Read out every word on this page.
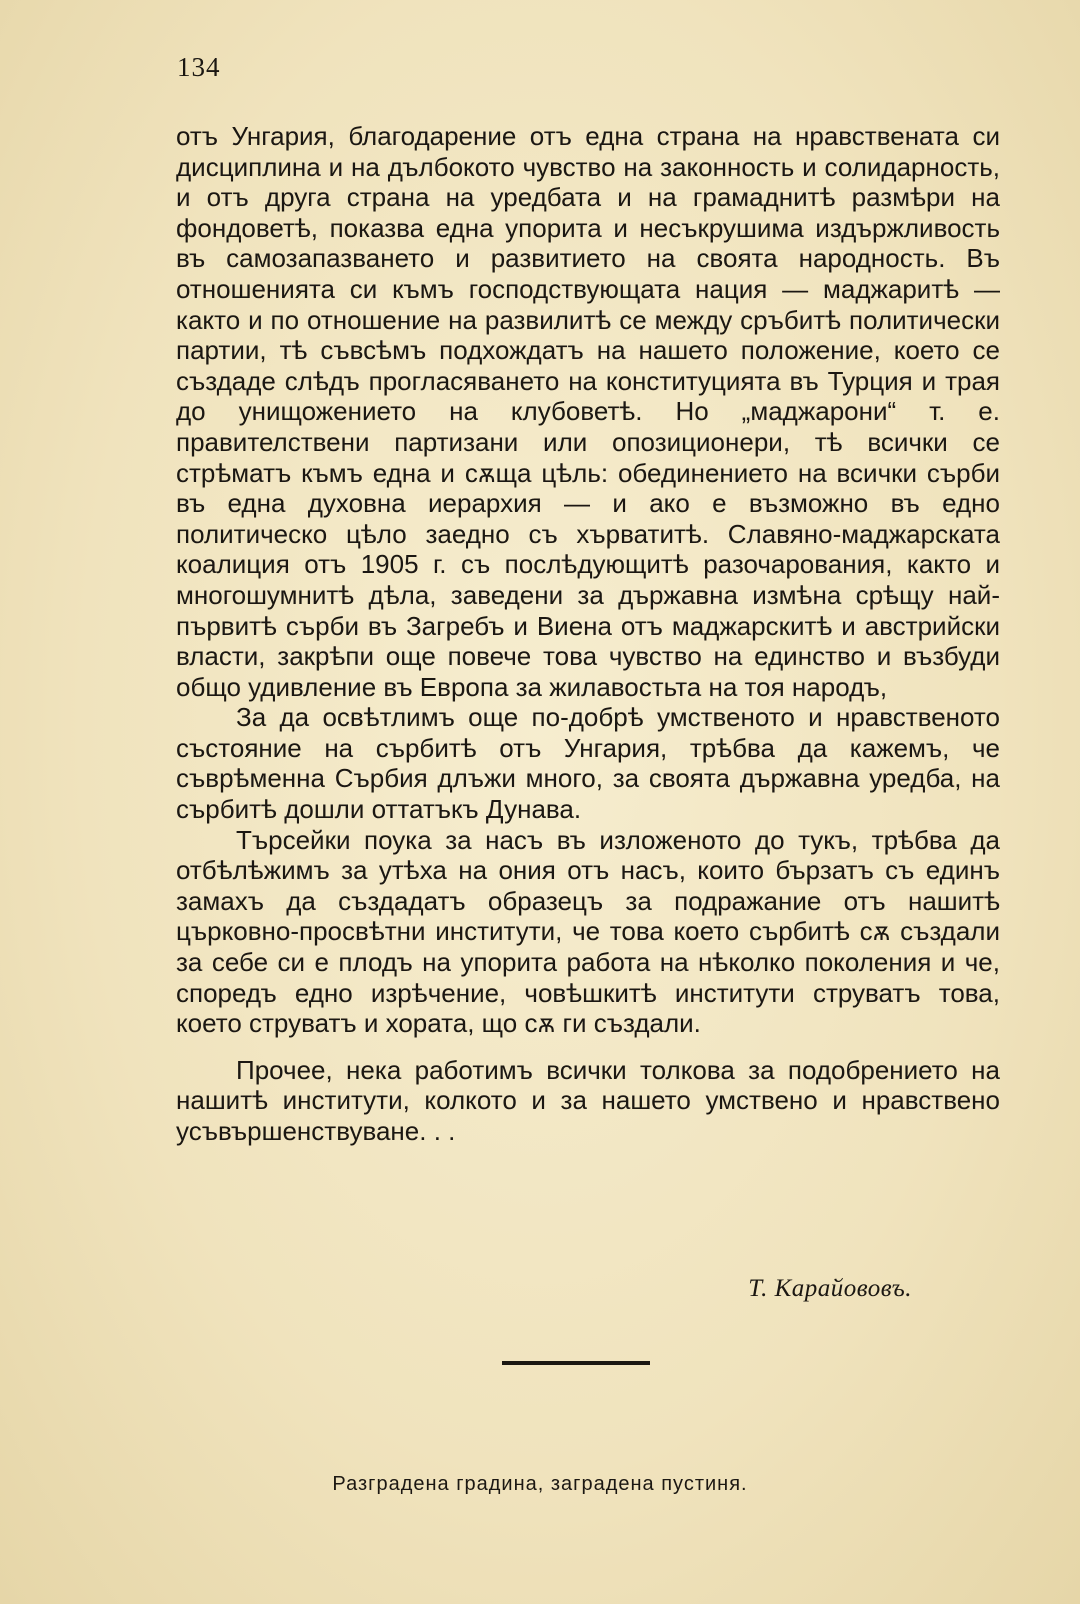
134

отъ Унгария, благодарение отъ една страна на нравствената си дисциплина и на дълбокото чувство на законность и солидарность, и отъ друга страна на уредбата и на грамаднитѣ размѣри на фондоветѣ, показва една упорита и несъкрушима издържливость въ самозапазването и развитието на своята народность. Въ отношенията си къмъ господствующата нация — маджаритѣ — както и по отношение на развилитѣ се между сръбитѣ политически партии, тѣ съвсѣмъ подхождатъ на нашето положение, което се създаде слѣдъ прогласяването на конституцията въ Турция и трая до унищожението на клубоветѣ. Но „маджарони“ т. е. правителствени партизани или опозиционери, тѣ всички се стрѣматъ къмъ една и сѫща цѣль: обединението на всички сърби въ една духовна иерархия — и ако е възможно въ едно политическо цѣло заедно съ хърватитѣ. Славяно-маджарската коалиция отъ 1905 г. съ послѣдующитѣ разочарования, както и многошумнитѣ дѣла, заведени за държавна измѣна срѣщу най-първитѣ сърби въ Загребъ и Виена отъ маджарскитѣ и австрийски власти, закрѣпи още повече това чувство на единство и възбуди общо удивление въ Европа за жилавостьта на тоя народъ,

За да освѣтлимъ още по-добрѣ умственото и нравственото състояние на сърбитѣ отъ Унгария, трѣбва да кажемъ, че съврѣменна Сърбия длъжи много, за своята държавна уредба, на сърбитѣ дошли оттатъкъ Дунава.

Търсейки поука за насъ въ изложеното до тукъ, трѣбва да отбѣлѣжимъ за утѣха на ония отъ насъ, които бързатъ съ единъ замахъ да създадатъ образецъ за подражание отъ нашитѣ църковно-просвѣтни институти, че това което сърбитѣ сѫ създали за себе си е плодъ на упорита работа на нѣколко поколения и че, споредъ едно изрѣчение, човѣшкитѣ институти струватъ това, което струватъ и хората, що сѫ ги създали.

Прочее, нека работимъ всички толкова за подобрението на нашитѣ институти, колкото и за нашето умствено и нравствено усъвършенствуване. . .

Т. Карайововъ.
Разградена градина, заградена пустиня.
